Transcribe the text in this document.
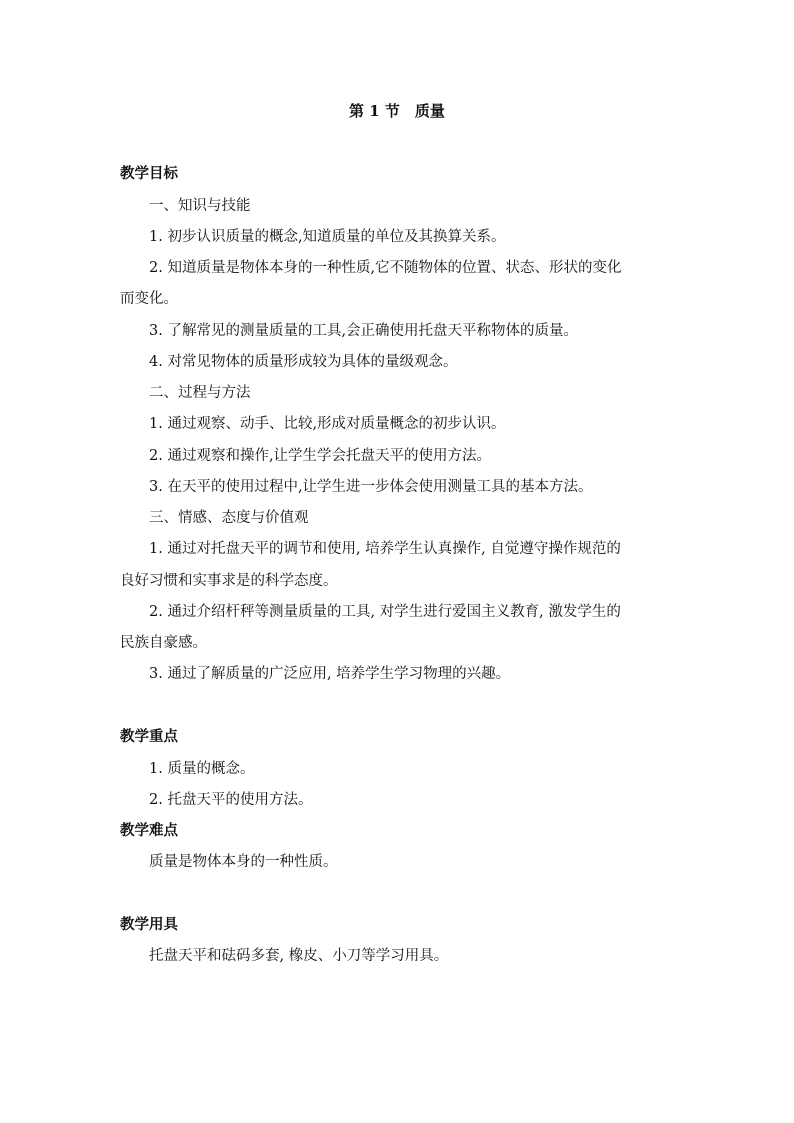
第 1 节　质量
教学目标
一、知识与技能
1. 初步认识质量的概念,知道质量的单位及其换算关系。
2. 知道质量是物体本身的一种性质,它不随物体的位置、状态、形状的变化
而变化。
3. 了解常见的测量质量的工具,会正确使用托盘天平称物体的质量。
4. 对常见物体的质量形成较为具体的量级观念。
二、过程与方法
1. 通过观察、动手、比较,形成对质量概念的初步认识。
2. 通过观察和操作,让学生学会托盘天平的使用方法。
3. 在天平的使用过程中,让学生进一步体会使用测量工具的基本方法。
三、情感、态度与价值观
1. 通过对托盘天平的调节和使用, 培养学生认真操作, 自觉遵守操作规范的
良好习惯和实事求是的科学态度。
2. 通过介绍杆秤等测量质量的工具, 对学生进行爱国主义教育, 激发学生的
民族自豪感。
3. 通过了解质量的广泛应用, 培养学生学习物理的兴趣。
教学重点
1. 质量的概念。
2. 托盘天平的使用方法。
教学难点
质量是物体本身的一种性质。
教学用具
托盘天平和砝码多套, 橡皮、小刀等学习用具。
